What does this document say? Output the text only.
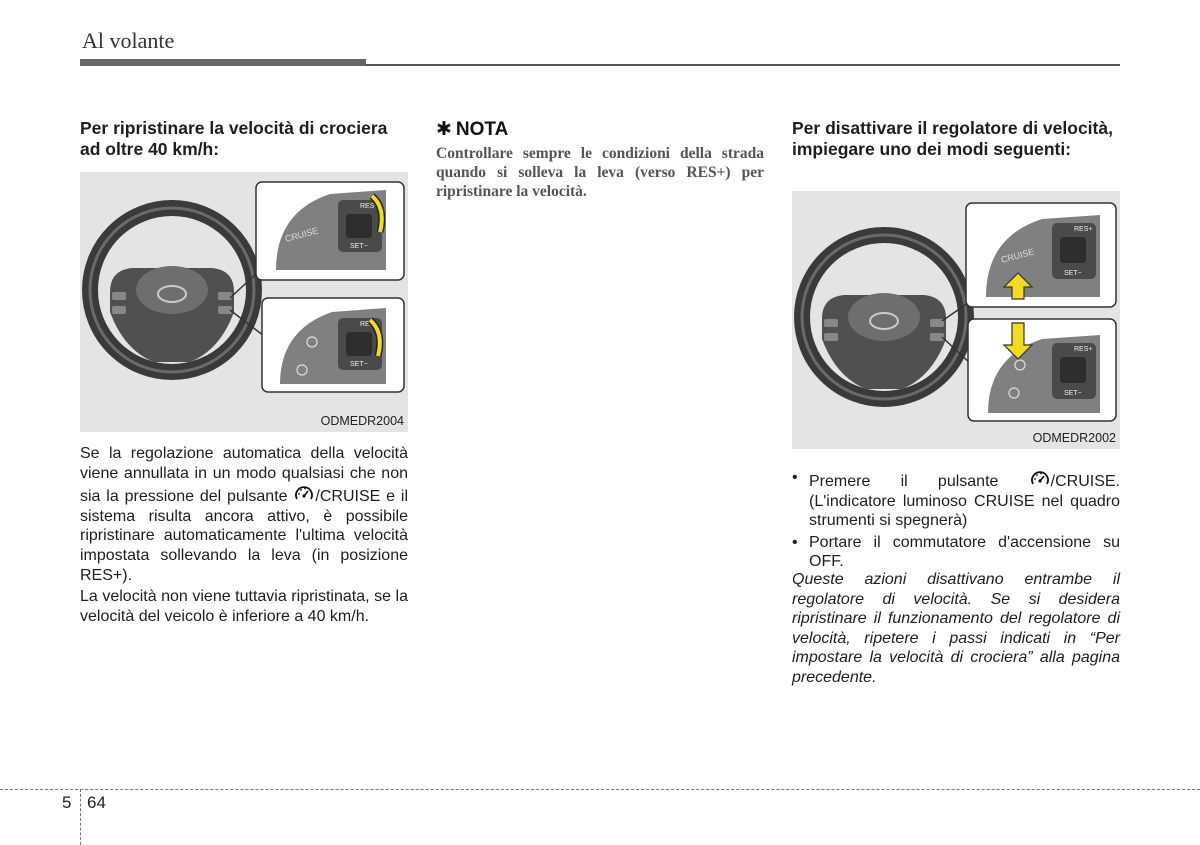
Al volante
Per ripristinare la velocità di crociera ad oltre 40 km/h:
CRUISE
RES+
SET−
RES+
SET−
ODMEDR2004

Se la regolazione automatica della velocità viene annullata in un modo qualsiasi che non sia la pressione del pulsante /CRUISE e il sistema risulta ancora attivo, è possibile ripristinare automaticamente l'ultima velocità impostata sollevando la leva (in posizione RES+).

La velocità non viene tuttavia ripristinata, se la velocità del veicolo è inferiore a 40 km/h.

✱ NOTA
Controllare sempre le condizioni della strada quando si solleva la leva (verso RES+) per ripristinare la velocità.
Per disattivare il regolatore di velocità, impiegare uno dei modi seguenti:
CRUISE
RES+
SET−
RES+
SET−
ODMEDR2002
• Premere il pulsante /CRUISE. (L'indicatore luminoso CRUISE nel quadro strumenti si spegnerà)
• Portare il commutatore d'accensione su OFF.
Queste azioni disattivano entrambe il regolatore di velocità. Se si desidera ripristinare il funzionamento del regolatore di velocità, ripetere i passi indicati in “Per impostare la velocità di crociera” alla pagina precedente.
5 64
